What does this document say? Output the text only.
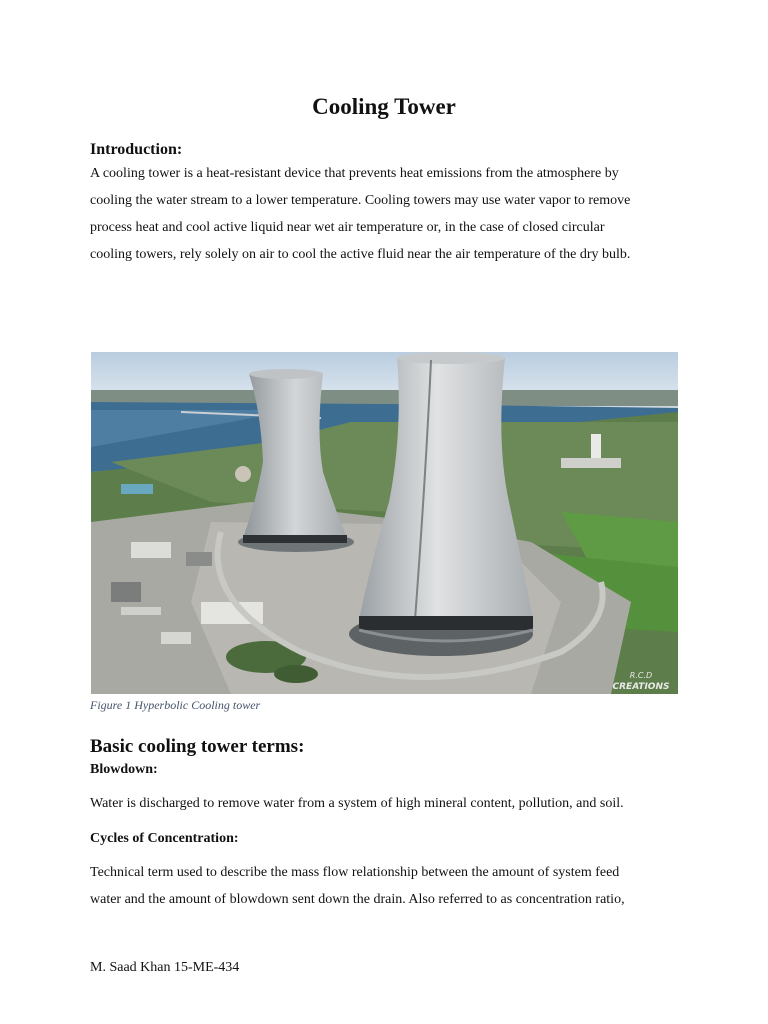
Cooling Tower
Introduction:

A cooling tower is a heat-resistant device that prevents heat emissions from the atmosphere by
cooling the water stream to a lower temperature. Cooling towers may use water vapor to remove
process heat and cool active liquid near wet air temperature or, in the case of closed circular
cooling towers, rely solely on air to cool the active fluid near the air temperature of the dry bulb.

R.C.D
CREATIONS
Figure 1 Hyperbolic Cooling tower
Basic cooling tower terms:
Blowdown:

Water is discharged to remove water from a system of high mineral content, pollution, and soil.

Cycles of Concentration:

Technical term used to describe the mass flow relationship between the amount of system feed
water and the amount of blowdown sent down the drain. Also referred to as concentration ratio,

M. Saad Khan 15-ME-434
